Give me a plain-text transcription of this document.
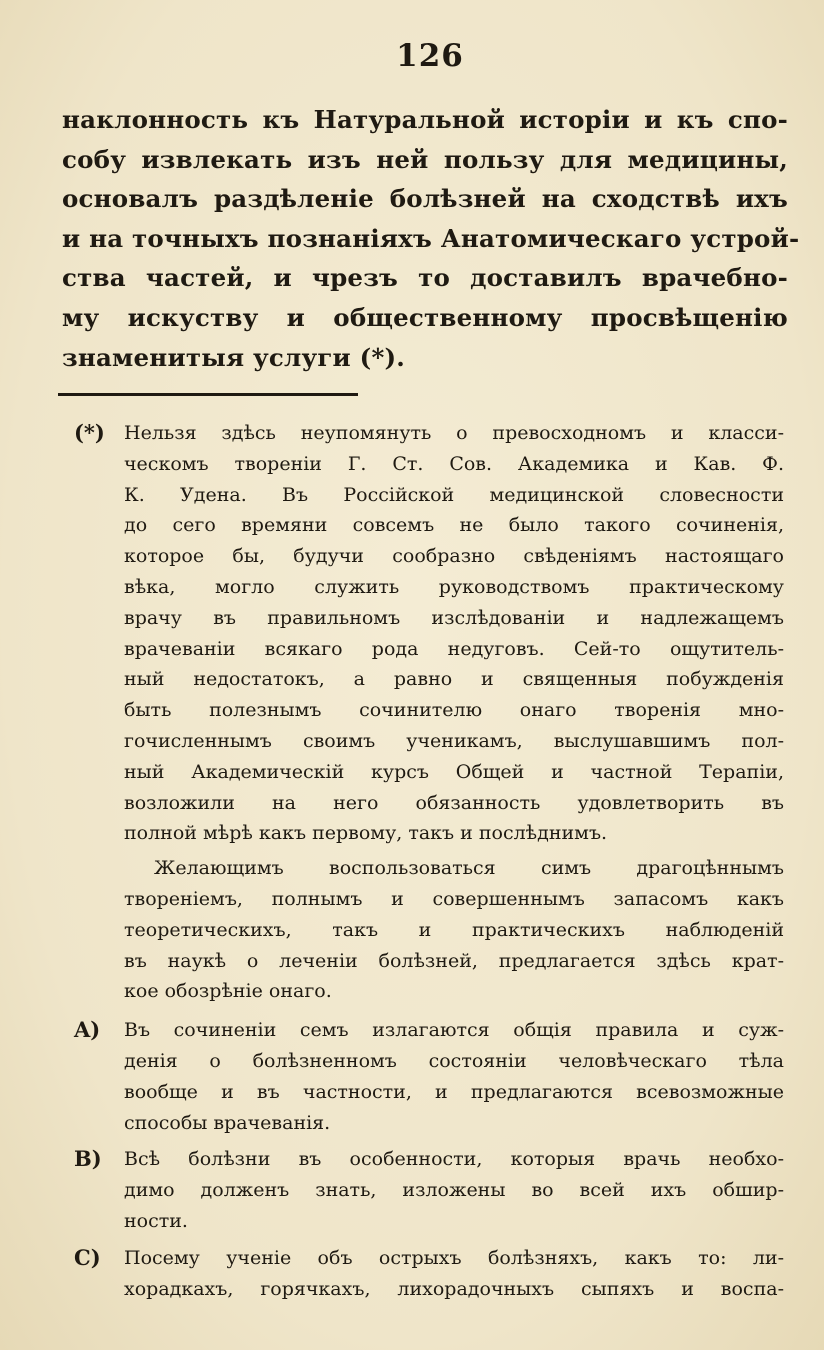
126
наклонность къ Натуральной исторіи и къ спо-
собу извлекать изъ ней пользу для медицины,
основалъ раздѣленіе болѣзней на сходствѣ ихъ
и на точныхъ познаніяхъ Анатомическаго устрой-
ства частей, и чрезъ то доставилъ врачебно-
му искуству и общественному просвѣщенію
знаменитыя услуги (*).
(*) Нельзя здѣсь неупомянуть о превосходномъ и класси-
ческомъ твореніи Г. Ст. Сов. Академика и Кав. Ф.
К. Удена. Въ Россійской медицинской словесности
до сего времяни совсемъ не было такого сочиненія,
которое бы, будучи сообразно свѣденіямъ настоящаго
вѣка, могло служить руководствомъ практическому
врачу въ правильномъ изслѣдованіи и надлежащемъ
врачеваніи всякаго рода недуговъ. Сей-то ощутитель-
ный недостатокъ, а равно и священныя побужденія
быть полезнымъ сочинителю онаго творенія мно-
гочисленнымъ своимъ ученикамъ, выслушавшимъ пол-
ный Академическій курсъ Общей и частной Терапіи,
возложили на него обязанность удовлетворить въ
полной мѣрѣ какъ первому, такъ и послѣднимъ.
Желающимъ воспользоваться симъ драгоцѣннымъ
твореніемъ, полнымъ и совершеннымъ запасомъ какъ
теоретическихъ, такъ и практическихъ наблюденій
въ наукѣ о леченіи болѣзней, предлагается здѣсь крат-
кое обозрѣніе онаго.
A) Въ сочиненіи семъ излагаются общія правила и суж-
денія о болѣзненномъ состояніи человѣческаго тѣла
вообще и въ частности, и предлагаются всевозможные
способы врачеванія.
B) Всѣ болѣзни въ особенности, которыя врачь необхо-
димо долженъ знать, изложены во всей ихъ обшир-
ности.
C) Посему ученіе объ острыхъ болѣзняхъ, какъ то: ли-
хорадкахъ, горячкахъ, лихорадочныхъ сыпяхъ и воспа-
